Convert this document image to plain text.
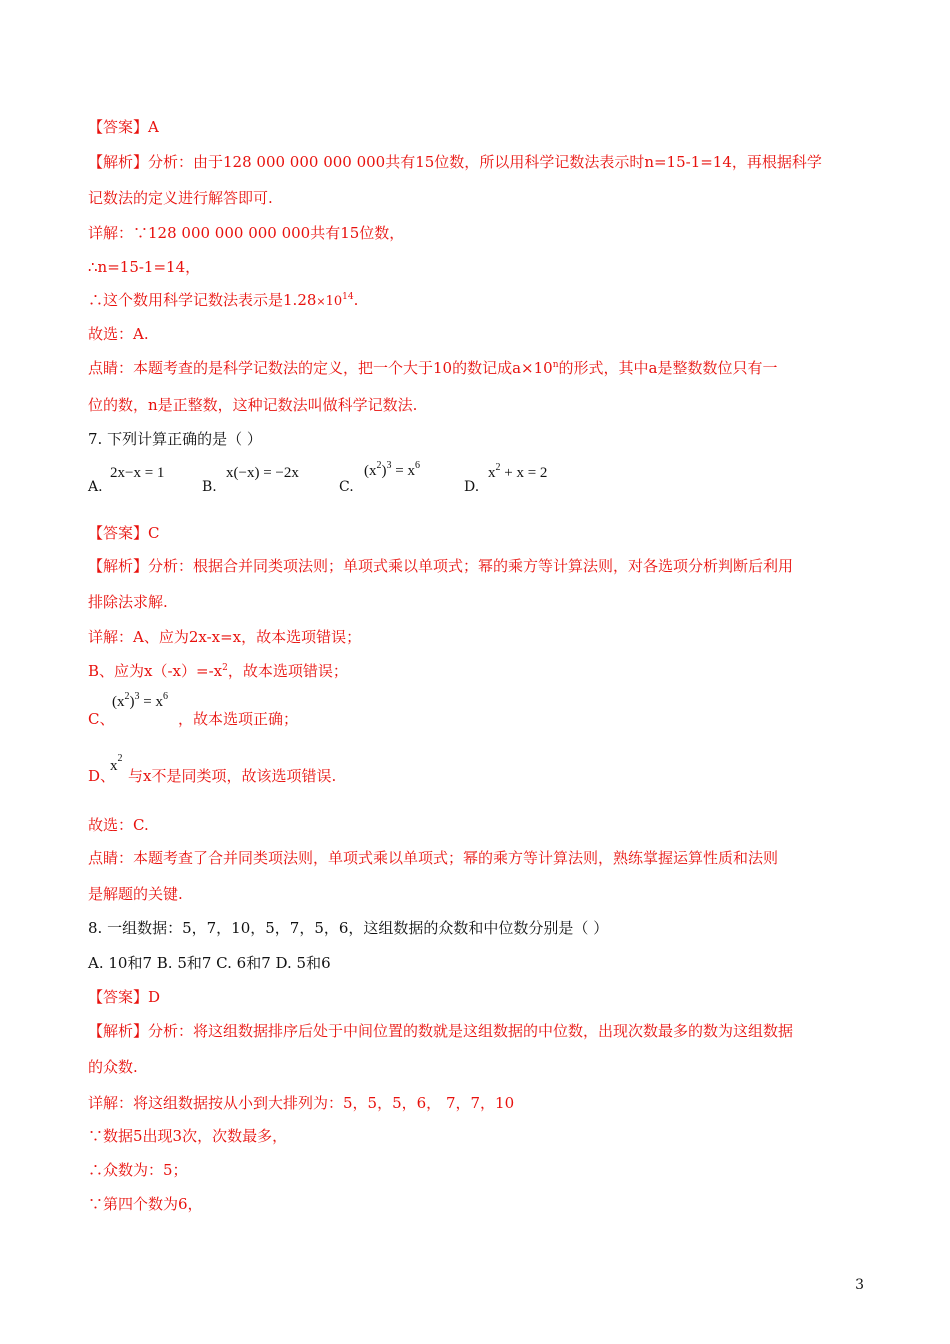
【答案】A
【解析】分析：由于128 000 000 000 000共有15位数，所以用科学记数法表示时n=15-1=14，再根据科学
记数法的定义进行解答即可.
详解：∵128 000 000 000 000共有15位数，
∴n=15-1=14，
∴这个数用科学记数法表示是$1.28\times 10^{14}$.
故选：A.
点睛：本题考查的是科学记数法的定义，把一个大于10的数记成$a\times 10^n$的形式，其中a是整数数位只有一
位的数，n是正整数，这种记数法叫做科学记数法.
7. 下列计算正确的是（ ）
A.
2x−x = 1
B.
x(−x) = −2x
C.
$(x^2)^3 = x^6$
D.
$x^2 + x = 2$
【答案】C
【解析】分析：根据合并同类项法则；单项式乘以单项式；幂的乘方等计算法则，对各选项分析判断后利用
排除法求解.
详解：A、应为2x-x=x，故本选项错误；
B、应为$x(-x)=-x^2$，故本选项错误；
C、
$(x^2)^3 = x^6$
，故本选项正确；
D、
$x^2$
与x不是同类项，故该选项错误.
故选：C.
点睛：本题考查了合并同类项法则，单项式乘以单项式；幂的乘方等计算法则，熟练掌握运算性质和法则
是解题的关键.
8. 一组数据：5，7，10，5，7，5，6，这组数据的众数和中位数分别是（ ）
A. 10和7 B. 5和7 C. 6和7 D. 5和6
【答案】D
【解析】分析：将这组数据排序后处于中间位置的数就是这组数据的中位数，出现次数最多的数为这组数据
的众数.
详解：将这组数据按从小到大排列为：5，5，5，6， 7，7，10
∵数据5出现3次，次数最多，
∴众数为：5；
∵第四个数为6，
3
